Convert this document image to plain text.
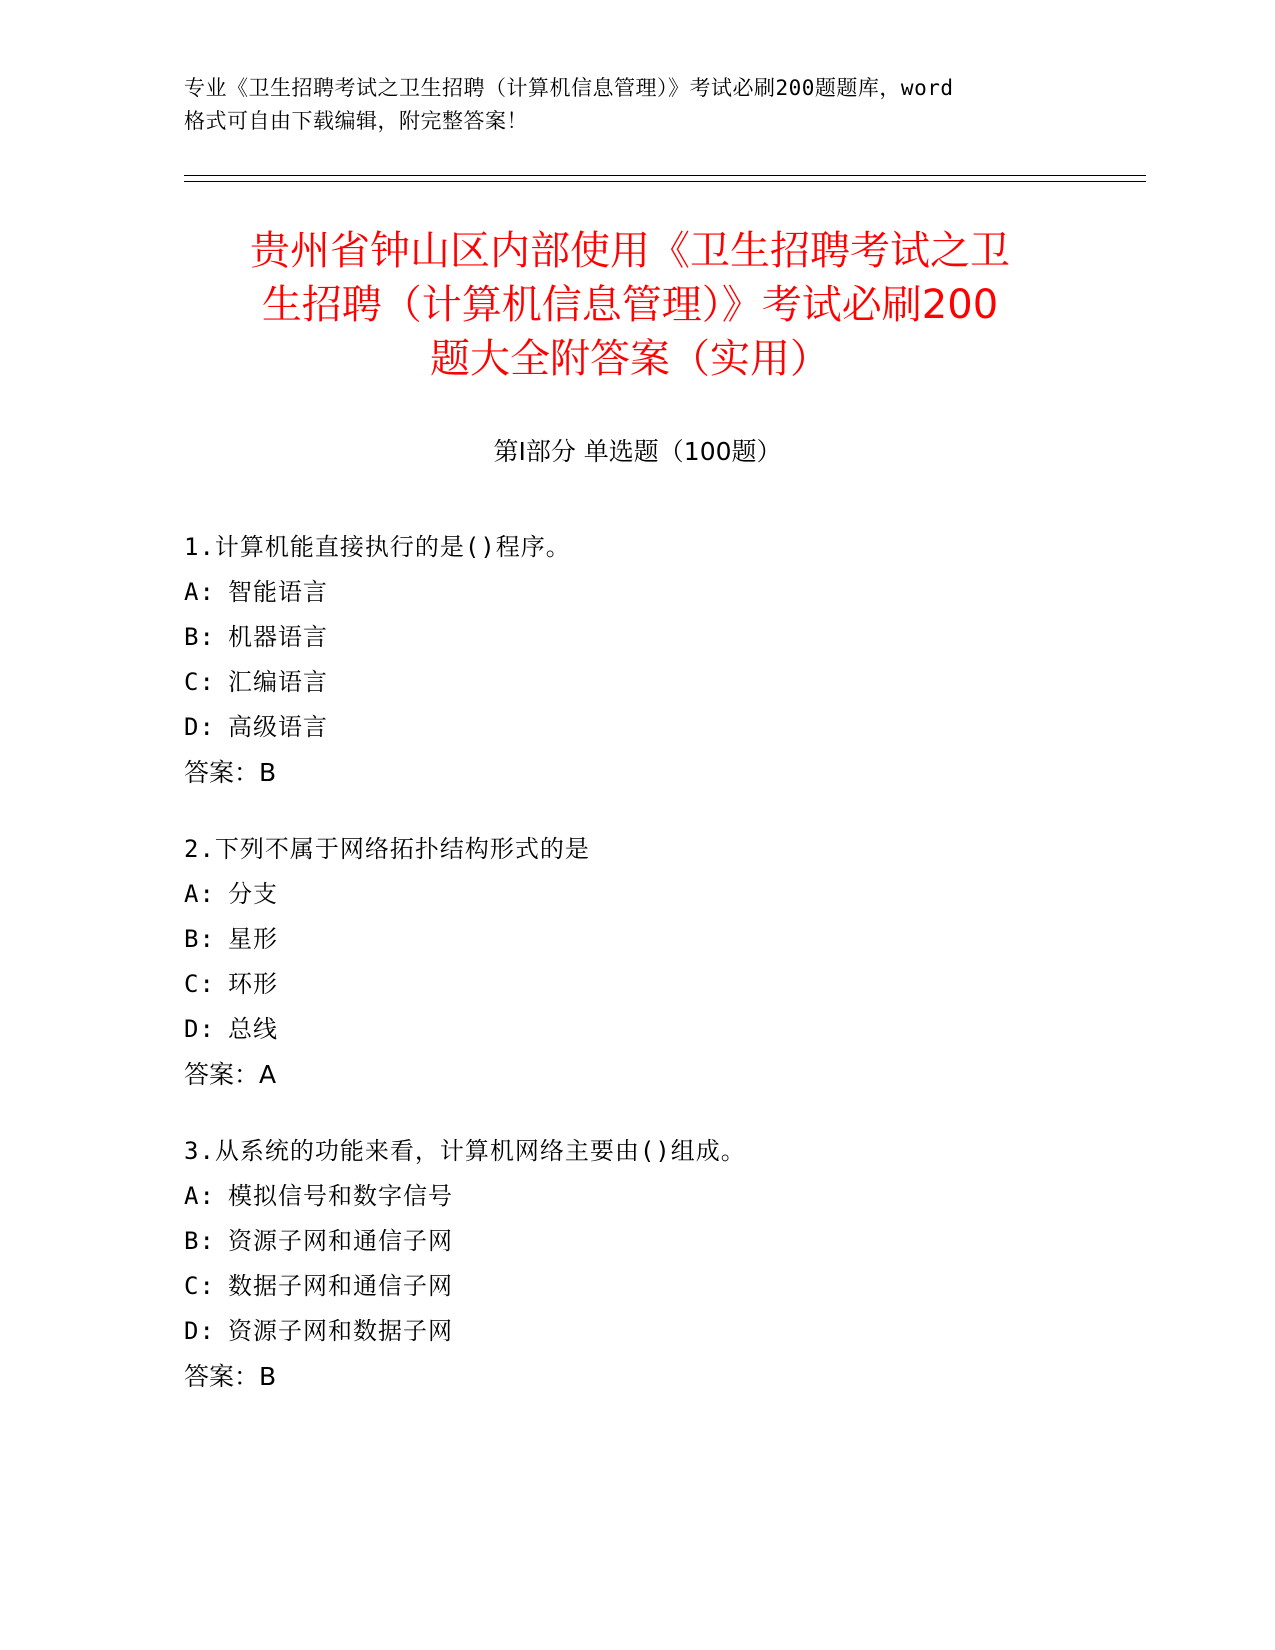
专业《卫生招聘考试之卫生招聘（计算机信息管理）》考试必刷200题题库，word
格式可自由下载编辑，附完整答案！
贵州省钟山区内部使用《卫生招聘考试之卫
生招聘（计算机信息管理）》考试必刷200
题大全附答案（实用）
第Ⅰ部分 单选题（100题）
1.计算机能直接执行的是()程序。
A: 智能语言
B: 机器语言
C: 汇编语言
D: 高级语言
答案：B
2.下列不属于网络拓扑结构形式的是
A: 分支
B: 星形
C: 环形
D: 总线
答案：A
3.从系统的功能来看，计算机网络主要由()组成。
A: 模拟信号和数字信号
B: 资源子网和通信子网
C: 数据子网和通信子网
D: 资源子网和数据子网
答案：B
